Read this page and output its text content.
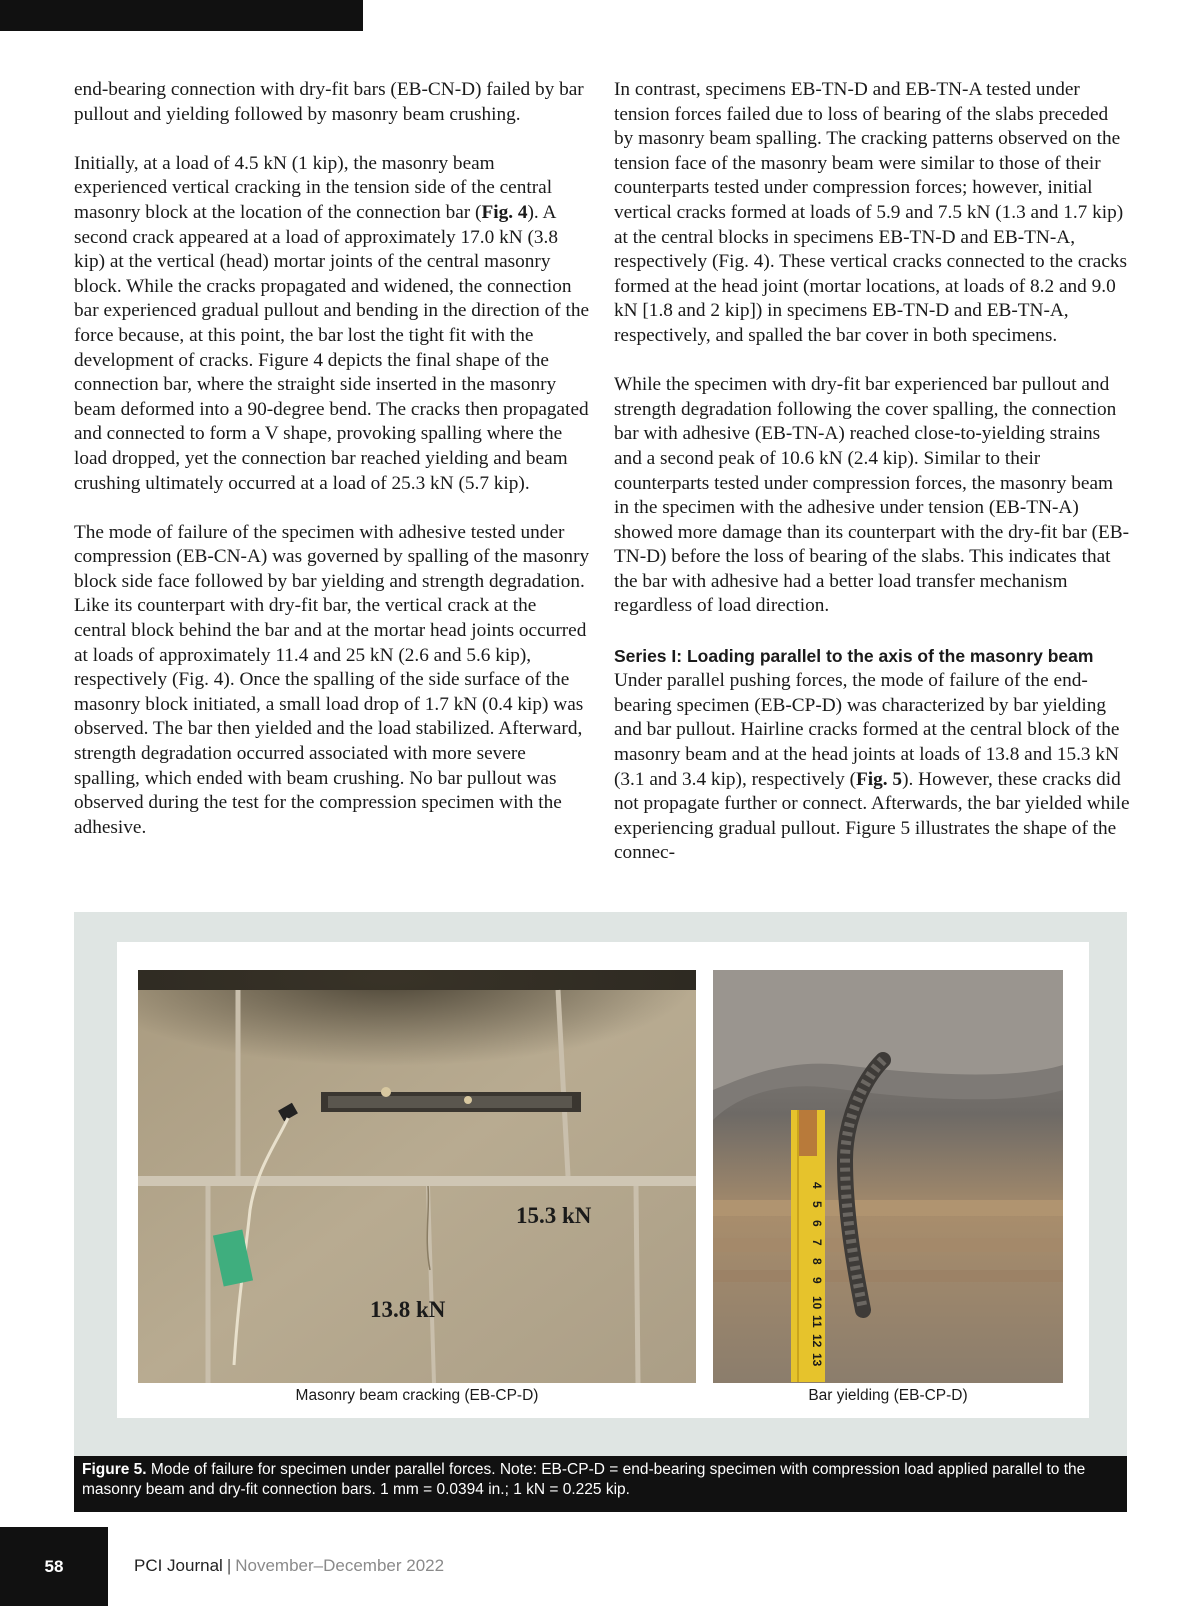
end-bearing connection with dry-fit bars (EB-CN-D) failed by bar pullout and yielding followed by masonry beam crushing.

Initially, at a load of 4.5 kN (1 kip), the masonry beam experienced vertical cracking in the tension side of the central masonry block at the location of the connection bar (Fig. 4). A second crack appeared at a load of approximately 17.0 kN (3.8 kip) at the vertical (head) mortar joints of the central masonry block. While the cracks propagated and widened, the connection bar experienced gradual pullout and bending in the direction of the force because, at this point, the bar lost the tight fit with the development of cracks. Figure 4 depicts the final shape of the connection bar, where the straight side inserted in the masonry beam deformed into a 90-degree bend. The cracks then propagated and connected to form a V shape, provoking spalling where the load dropped, yet the connection bar reached yielding and beam crushing ultimately occurred at a load of 25.3 kN (5.7 kip).

The mode of failure of the specimen with adhesive tested under compression (EB-CN-A) was governed by spalling of the masonry block side face followed by bar yielding and strength degradation. Like its counterpart with dry-fit bar, the vertical crack at the central block behind the bar and at the mortar head joints occurred at loads of approximately 11.4 and 25 kN (2.6 and 5.6 kip), respectively (Fig. 4). Once the spalling of the side surface of the masonry block initiated, a small load drop of 1.7 kN (0.4 kip) was observed. The bar then yielded and the load stabilized. Afterward, strength degradation occurred associated with more severe spalling, which ended with beam crushing. No bar pullout was observed during the test for the compression specimen with the adhesive.

In contrast, specimens EB-TN-D and EB-TN-A tested under tension forces failed due to loss of bearing of the slabs preceded by masonry beam spalling. The cracking patterns observed on the tension face of the masonry beam were similar to those of their counterparts tested under compression forces; however, initial vertical cracks formed at loads of 5.9 and 7.5 kN (1.3 and 1.7 kip) at the central blocks in specimens EB-TN-D and EB-TN-A, respectively (Fig. 4). These vertical cracks connected to the cracks formed at the head joint (mortar locations, at loads of 8.2 and 9.0 kN [1.8 and 2 kip]) in specimens EB-TN-D and EB-TN-A, respectively, and spalled the bar cover in both specimens.

While the specimen with dry-fit bar experienced bar pullout and strength degradation following the cover spalling, the connection bar with adhesive (EB-TN-A) reached close-to-yielding strains and a second peak of 10.6 kN (2.4 kip). Similar to their counterparts tested under compression forces, the masonry beam in the specimen with the adhesive under tension (EB-TN-A) showed more damage than its counterpart with the dry-fit bar (EB-TN-D) before the loss of bearing of the slabs. This indicates that the bar with adhesive had a better load transfer mechanism regardless of load direction.

Series I: Loading parallel to the axis of the masonry beam Under parallel pushing forces, the mode of failure of the end-bearing specimen (EB-CP-D) was characterized by bar yielding and bar pullout. Hairline cracks formed at the central block of the masonry beam and at the head joints at loads of 13.8 and 15.3 kN (3.1 and 3.4 kip), respectively (Fig. 5). However, these cracks did not propagate further or connect. Afterwards, the bar yielded while experiencing gradual pullout. Figure 5 illustrates the shape of the connec-

15.3 kN
13.8 kN
4
5
6
7
8
9
10
11
12
13
Masonry beam cracking (EB-CP-D)	Bar yielding (EB-CP-D)
Figure 5. Mode of failure for specimen under parallel forces. Note: EB-CP-D = end-bearing specimen with compression load applied parallel to the masonry beam and dry-fit connection bars. 1 mm = 0.0394 in.; 1 kN = 0.225 kip.
58	PCI Journal | November–December 2022
